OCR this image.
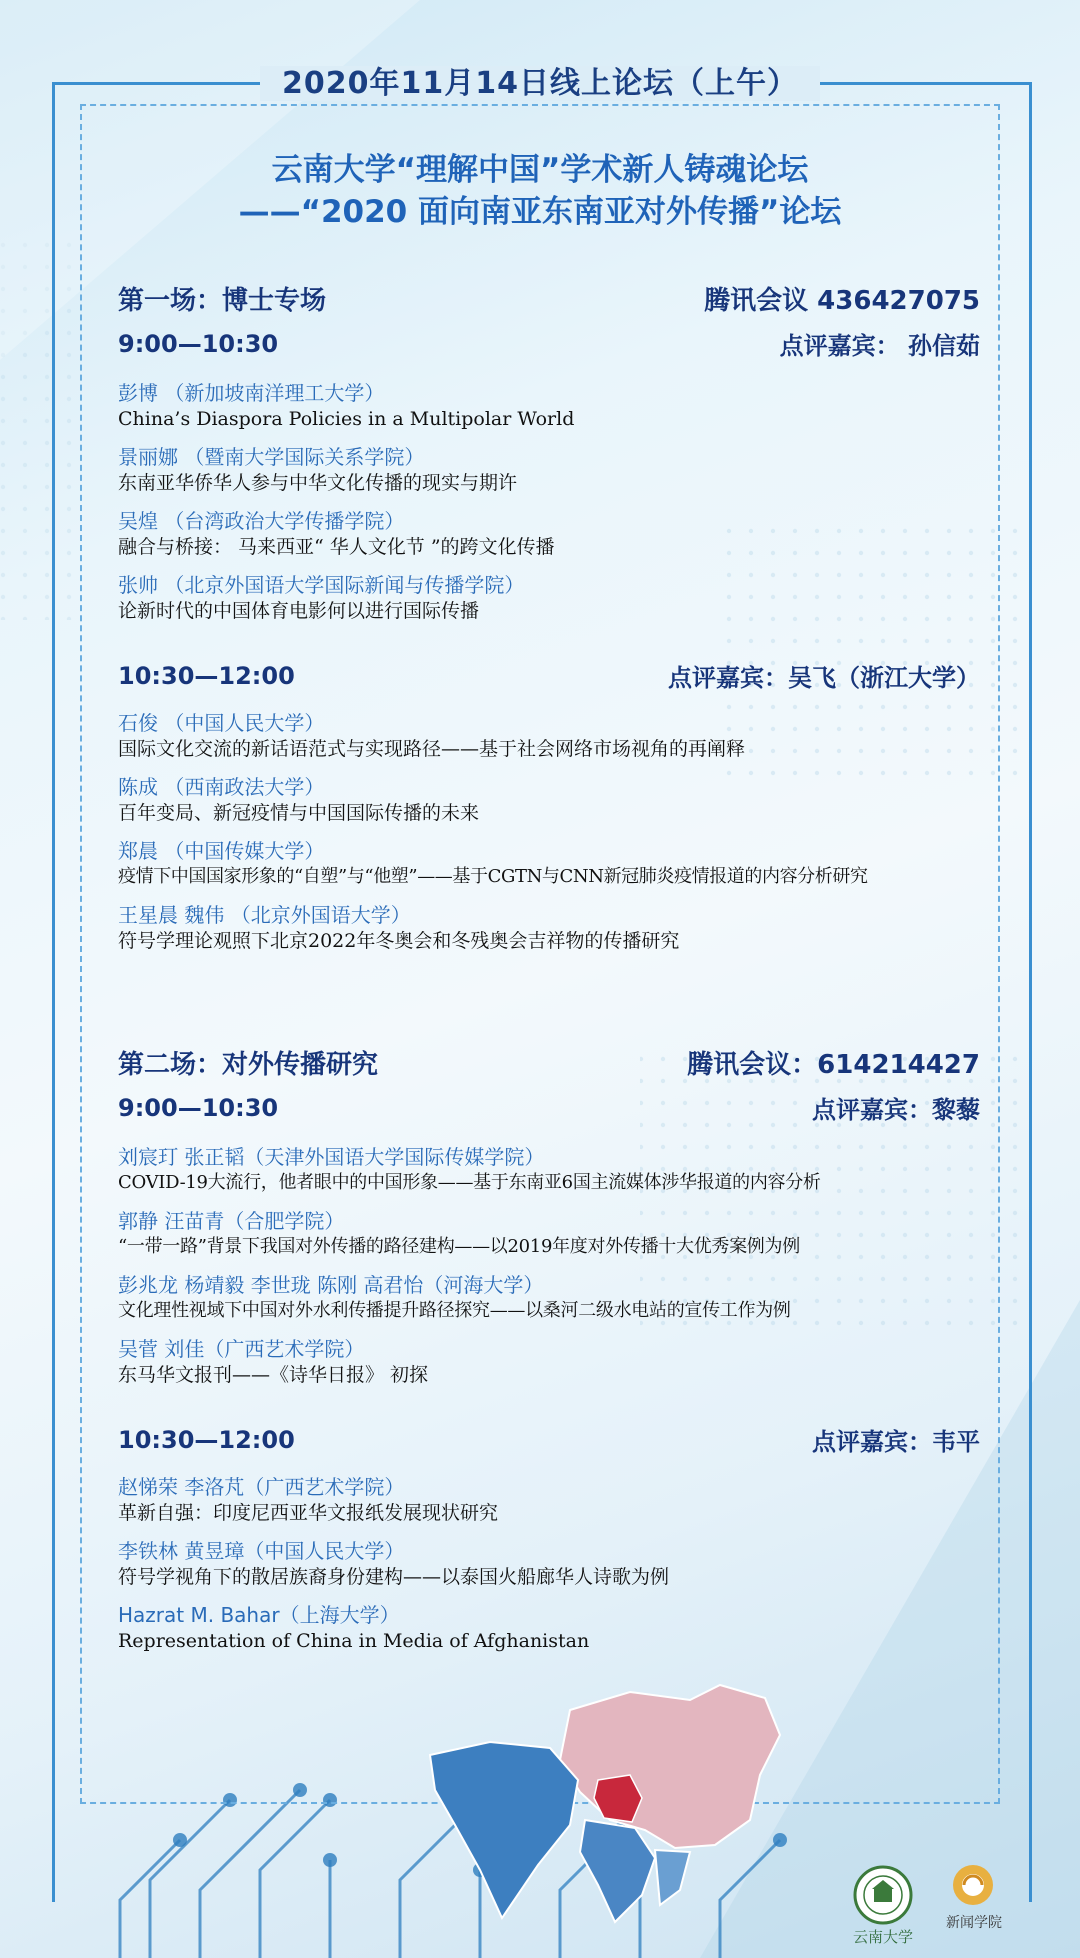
2020年11月14日线上论坛（上午）
云南大学“理解中国”学术新人铸魂论坛
——“2020 面向南亚东南亚对外传播”论坛
第一场：博士专场	腾讯会议 436427075
9:00—10:30	点评嘉宾： 孙信茹
彭博 （新加坡南洋理工大学）
China’s Diaspora Policies in a Multipolar World
景丽娜 （暨南大学国际关系学院）
东南亚华侨华人参与中华文化传播的现实与期许
吴煌 （台湾政治大学传播学院）
融合与桥接： 马来西亚“ 华人文化节 ”的跨文化传播
张帅 （北京外国语大学国际新闻与传播学院）
论新时代的中国体育电影何以进行国际传播
10:30—12:00	点评嘉宾：吴飞（浙江大学）
石俊 （中国人民大学）
国际文化交流的新话语范式与实现路径——基于社会网络市场视角的再阐释
陈成 （西南政法大学）
百年变局、新冠疫情与中国国际传播的未来
郑晨 （中国传媒大学）
疫情下中国国家形象的“自塑”与“他塑”——基于CGTN与CNN新冠肺炎疫情报道的内容分析研究
王星晨 魏伟 （北京外国语大学）
符号学理论观照下北京2022年冬奥会和冬残奥会吉祥物的传播研究
第二场：对外传播研究	腾讯会议：614214427
9:00—10:30	点评嘉宾：黎藜
刘宸玎 张正韬（天津外国语大学国际传媒学院）
COVID-19大流行，他者眼中的中国形象——基于东南亚6国主流媒体涉华报道的内容分析
郭静 汪苗青（合肥学院）
“一带一路”背景下我国对外传播的路径建构——以2019年度对外传播十大优秀案例为例
彭兆龙 杨靖毅 李世珑 陈刚 高君怡（河海大学）
文化理性视域下中国对外水利传播提升路径探究——以桑河二级水电站的宣传工作为例
吴菅 刘佳（广西艺术学院）
东马华文报刊——《诗华日报》 初探
10:30—12:00	点评嘉宾：韦平
赵悌荣 李洛芃（广西艺术学院）
革新自强：印度尼西亚华文报纸发展现状研究
李铁林 黄昱璋（中国人民大学）
符号学视角下的散居族裔身份建构——以泰国火船廊华人诗歌为例
Hazrat M. Bahar（上海大学）
Representation of China in Media of Afghanistan
云南大学
新闻学院
